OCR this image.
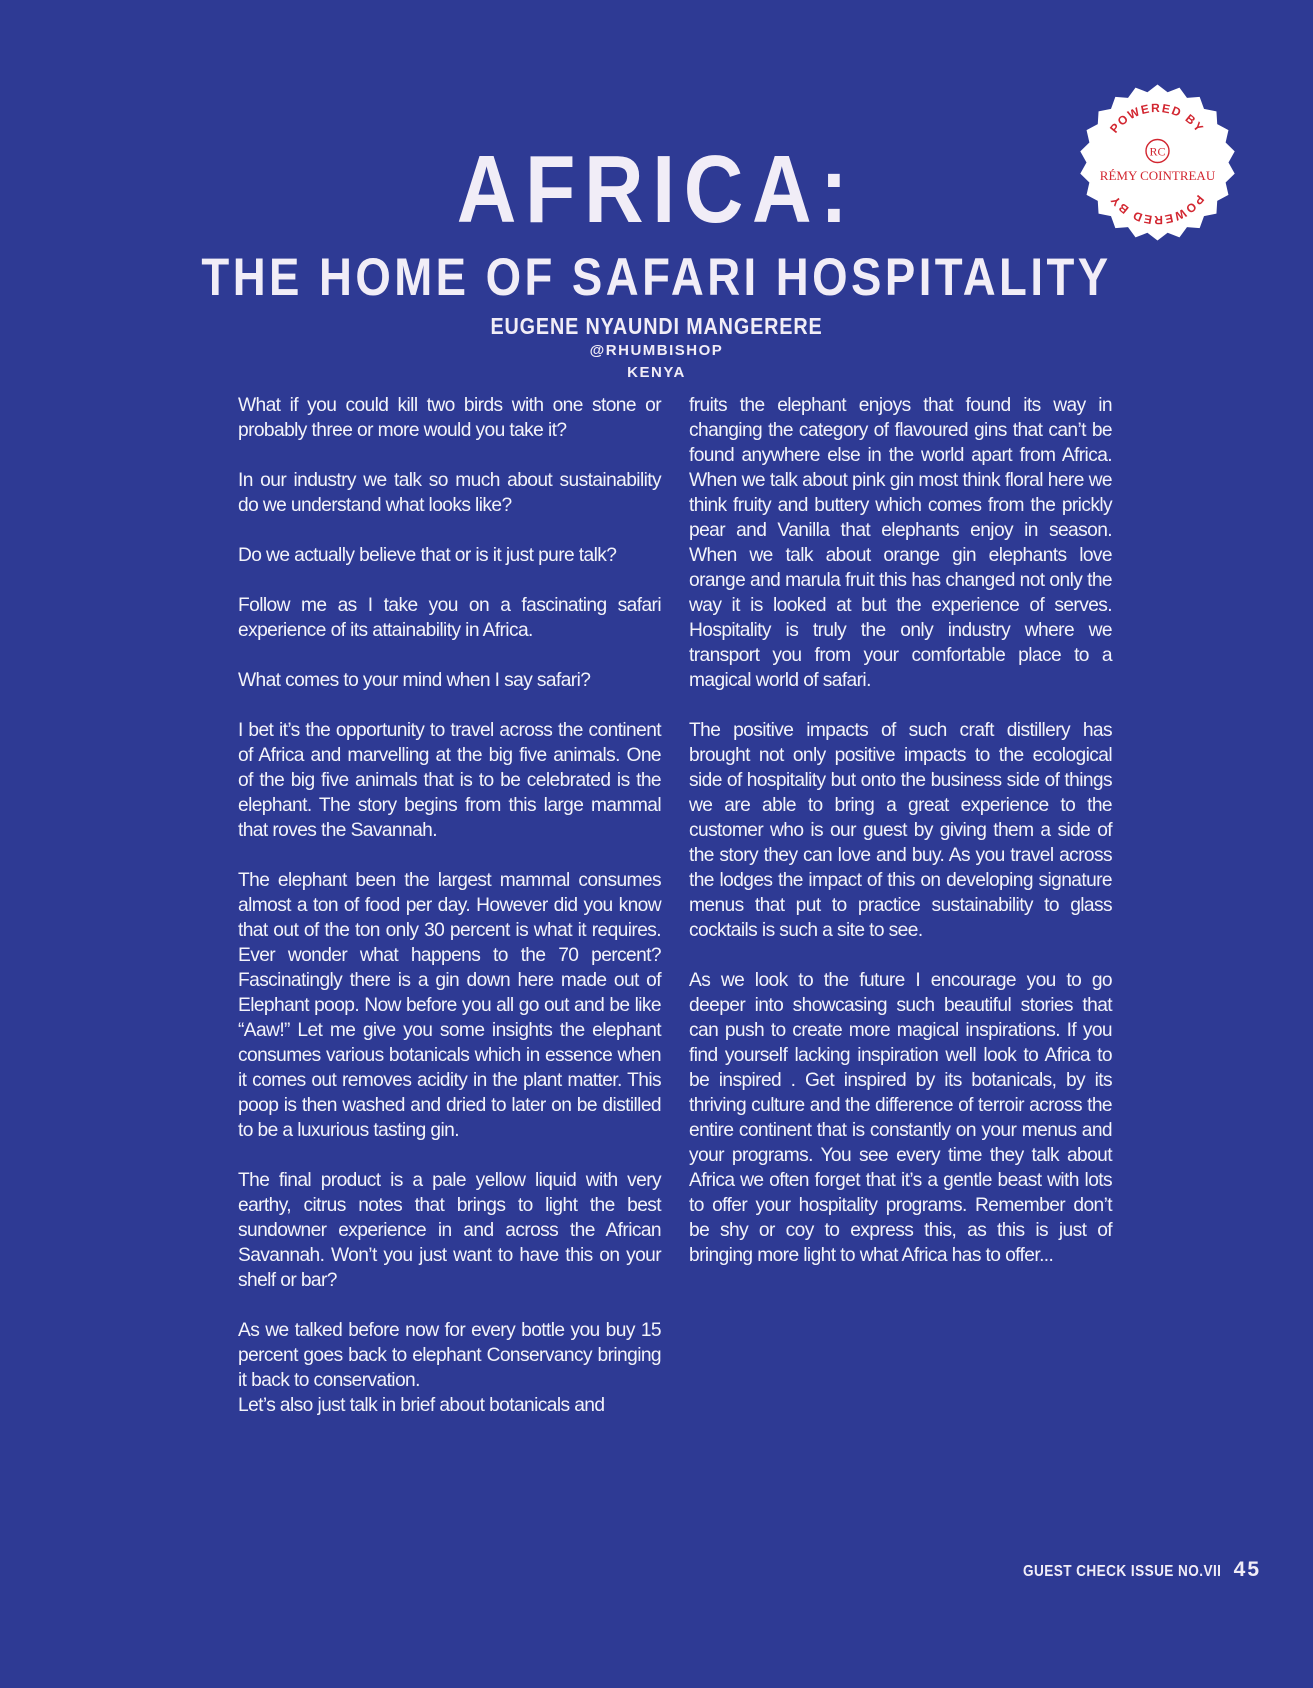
POWERED BY
POWERED BY
RC
RÉMY COINTREAU
AFRICA:
THE HOME OF SAFARI HOSPITALITY
EUGENE NYAUNDI MANGERERE
@RHUMBISHOP
KENYA

What if you could kill two birds with one stone or probably three or more would you take it?

In our industry we talk so much about sustainability do we understand what looks like?

Do we actually believe that or is it just pure talk?

Follow me as I take you on a fascinating safari experience of its attainability in Africa.

What comes to your mind when I say safari?

I bet it’s the opportunity to travel across the continent of Africa and marvelling at the big five animals. One of the big five animals that is to be celebrated is the elephant. The story begins from this large mammal that roves the Savannah.

The elephant been the largest mammal consumes almost a ton of food per day. However did you know that out of the ton only 30 percent is what it requires. Ever wonder what happens to the 70 percent? Fascinatingly there is a gin down here made out of Elephant poop. Now before you all go out and be like “Aaw!” Let me give you some insights the elephant consumes various botanicals which in essence when it comes out removes acidity in the plant matter. This poop is then washed and dried to later on be distilled to be a luxurious tasting gin.

The final product is a pale yellow liquid with very earthy, citrus notes that brings to light the best sundowner experience in and across the African Savannah. Won’t you just want to have this on your shelf or bar?

As we talked before now for every bottle you buy 15 percent goes back to elephant Conservancy bringing it back to conservation.

Let’s also just talk in brief about botanicals and

fruits the elephant enjoys that found its way in changing the category of flavoured gins that can’t be found anywhere else in the world apart from Africa. When we talk about pink gin most think floral here we think fruity and buttery which comes from the prickly pear and Vanilla that elephants enjoy in season. When we talk about orange gin elephants love orange and marula fruit this has changed not only the way it is looked at but the experience of serves. Hospitality is truly the only industry where we transport you from your comfortable place to a magical world of safari.

The positive impacts of such craft distillery has brought not only positive impacts to the ecological side of hospitality but onto the business side of things we are able to bring a great experience to the customer who is our guest by giving them a side of the story they can love and buy. As you travel across the lodges the impact of this on developing signature menus that put to practice sustainability to glass cocktails is such a site to see.

As we look to the future I encourage you to go deeper into showcasing such beautiful stories that can push to create more magical inspirations. If you find yourself lacking inspiration well look to Africa to be inspired . Get inspired by its botanicals, by its thriving culture and the difference of terroir across the entire continent that is constantly on your menus and your programs. You see every time they talk about Africa we often forget that it’s a gentle beast with lots to offer your hospitality programs. Remember don’t be shy or coy to express this, as this is just of bringing more light to what Africa has to offer...

GUEST CHECK ISSUE NO.VII 45
